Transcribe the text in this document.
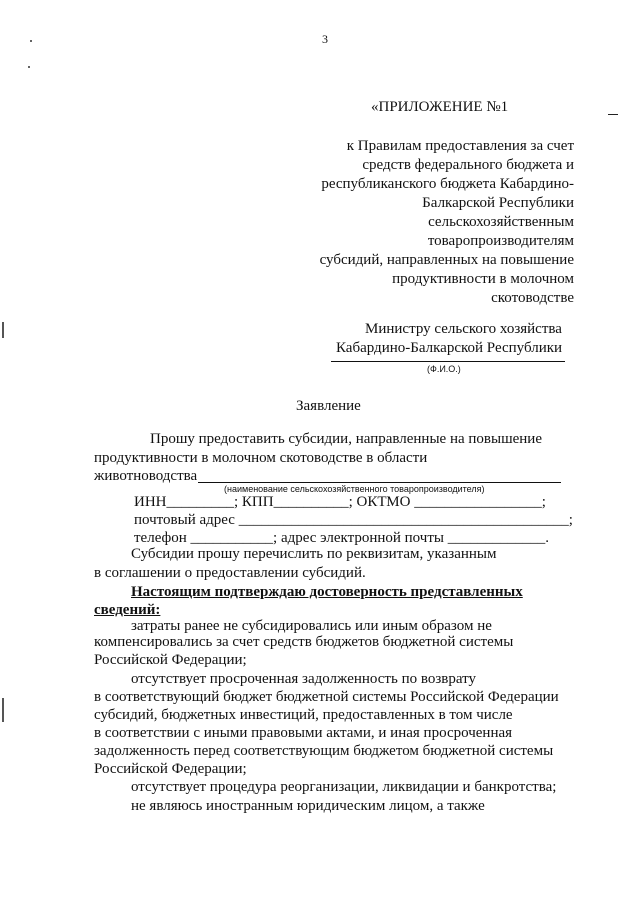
3
«ПРИЛОЖЕНИЕ №1
к Правилам предоставления за счет
средств федерального бюджета и
республиканского бюджета Кабардино-
Балкарской Республики
сельскохозяйственным
товаропроизводителям
субсидий, направленных на повышение
продуктивности в молочном
скотоводстве
Министру сельского хозяйства
Кабардино-Балкарской Республики
(Ф.И.О.)
Заявление
Прошу предоставить субсидии, направленные на повышение
продуктивности в молочном скотоводстве в области
животноводства
(наименование сельскохозяйственного товаропроизводителя)
ИНН_________; КПП__________; ОКТМО _________________;
почтовый адрес ____________________________________________;
телефон ___________; адрес электронной почты _____________.
Субсидии прошу перечислить по реквизитам, указанным
в соглашении о предоставлении субсидий.
Настоящим подтверждаю достоверность представленных
сведений:
затраты ранее не субсидировались или иным образом не
компенсировались за счет средств бюджетов бюджетной системы
Российской Федерации;
отсутствует просроченная задолженность по возврату
в соответствующий бюджет бюджетной системы Российской Федерации
субсидий, бюджетных инвестиций, предоставленных в том числе
в соответствии с иными правовыми актами, и иная просроченная
задолженность перед соответствующим бюджетом бюджетной системы
Российской Федерации;
отсутствует процедура реорганизации, ликвидации и банкротства;
не являюсь иностранным юридическим лицом, а также
